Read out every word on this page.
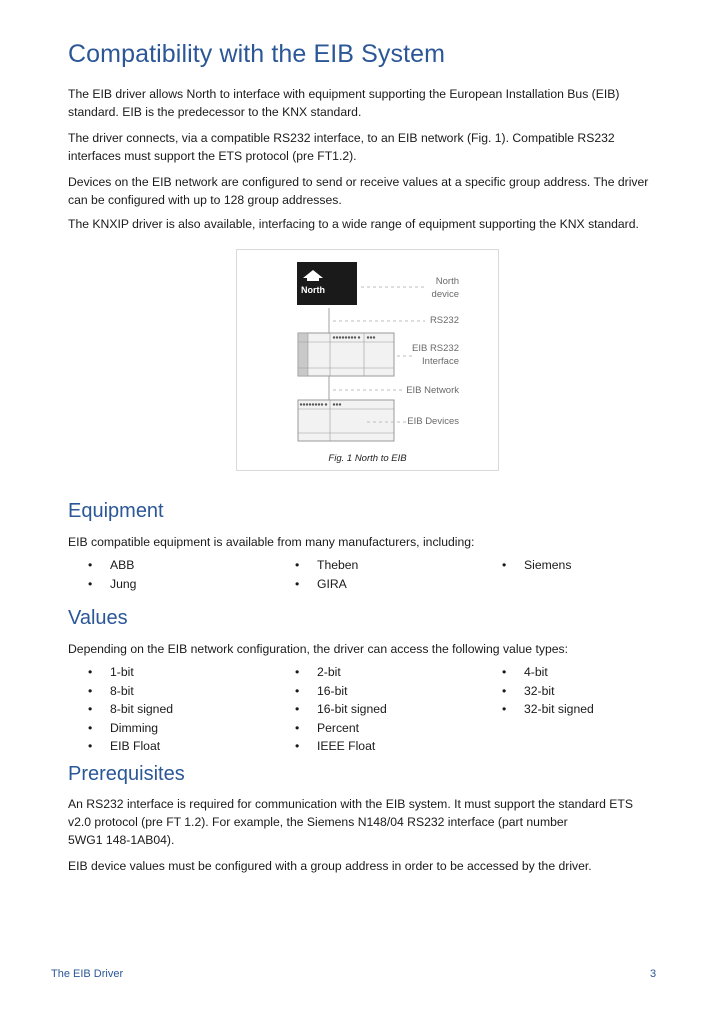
Compatibility with the EIB System

The EIB driver allows North to interface with equipment supporting the European Installation Bus (EIB) standard. EIB is the predecessor to the KNX standard.

The driver connects, via a compatible RS232 interface, to an EIB network (Fig. 1). Compatible RS232 interfaces must support the ETS protocol (pre FT1.2).

Devices on the EIB network are configured to send or receive values at a specific group address. The driver can be configured with up to 128 group addresses.

The KNXIP driver is also available, interfacing to a wide range of equipment supporting the KNX standard.

North
North
device
RS232
EIB RS232
Interface
EIB Network
EIB Devices
Fig. 1 North to EIB
Equipment

EIB compatible equipment is available from many manufacturers, including:

• ABB	• Theben	• Siemens
• Jung	• GIRA
Values

Depending on the EIB network configuration, the driver can access the following value types:

• 1-bit	• 2-bit	• 4-bit
• 8-bit	• 16-bit	• 32-bit
• 8-bit signed	• 16-bit signed	• 32-bit signed
• Dimming	• Percent
• EIB Float	• IEEE Float
Prerequisites
An RS232 interface is required for communication with the EIB system. It must support the standard ETS
v2.0 protocol (pre FT 1.2). For example, the Siemens N148/04 RS232 interface (part number
5WG1 148-1AB04).

EIB device values must be configured with a group address in order to be accessed by the driver.

The EIB Driver	3
